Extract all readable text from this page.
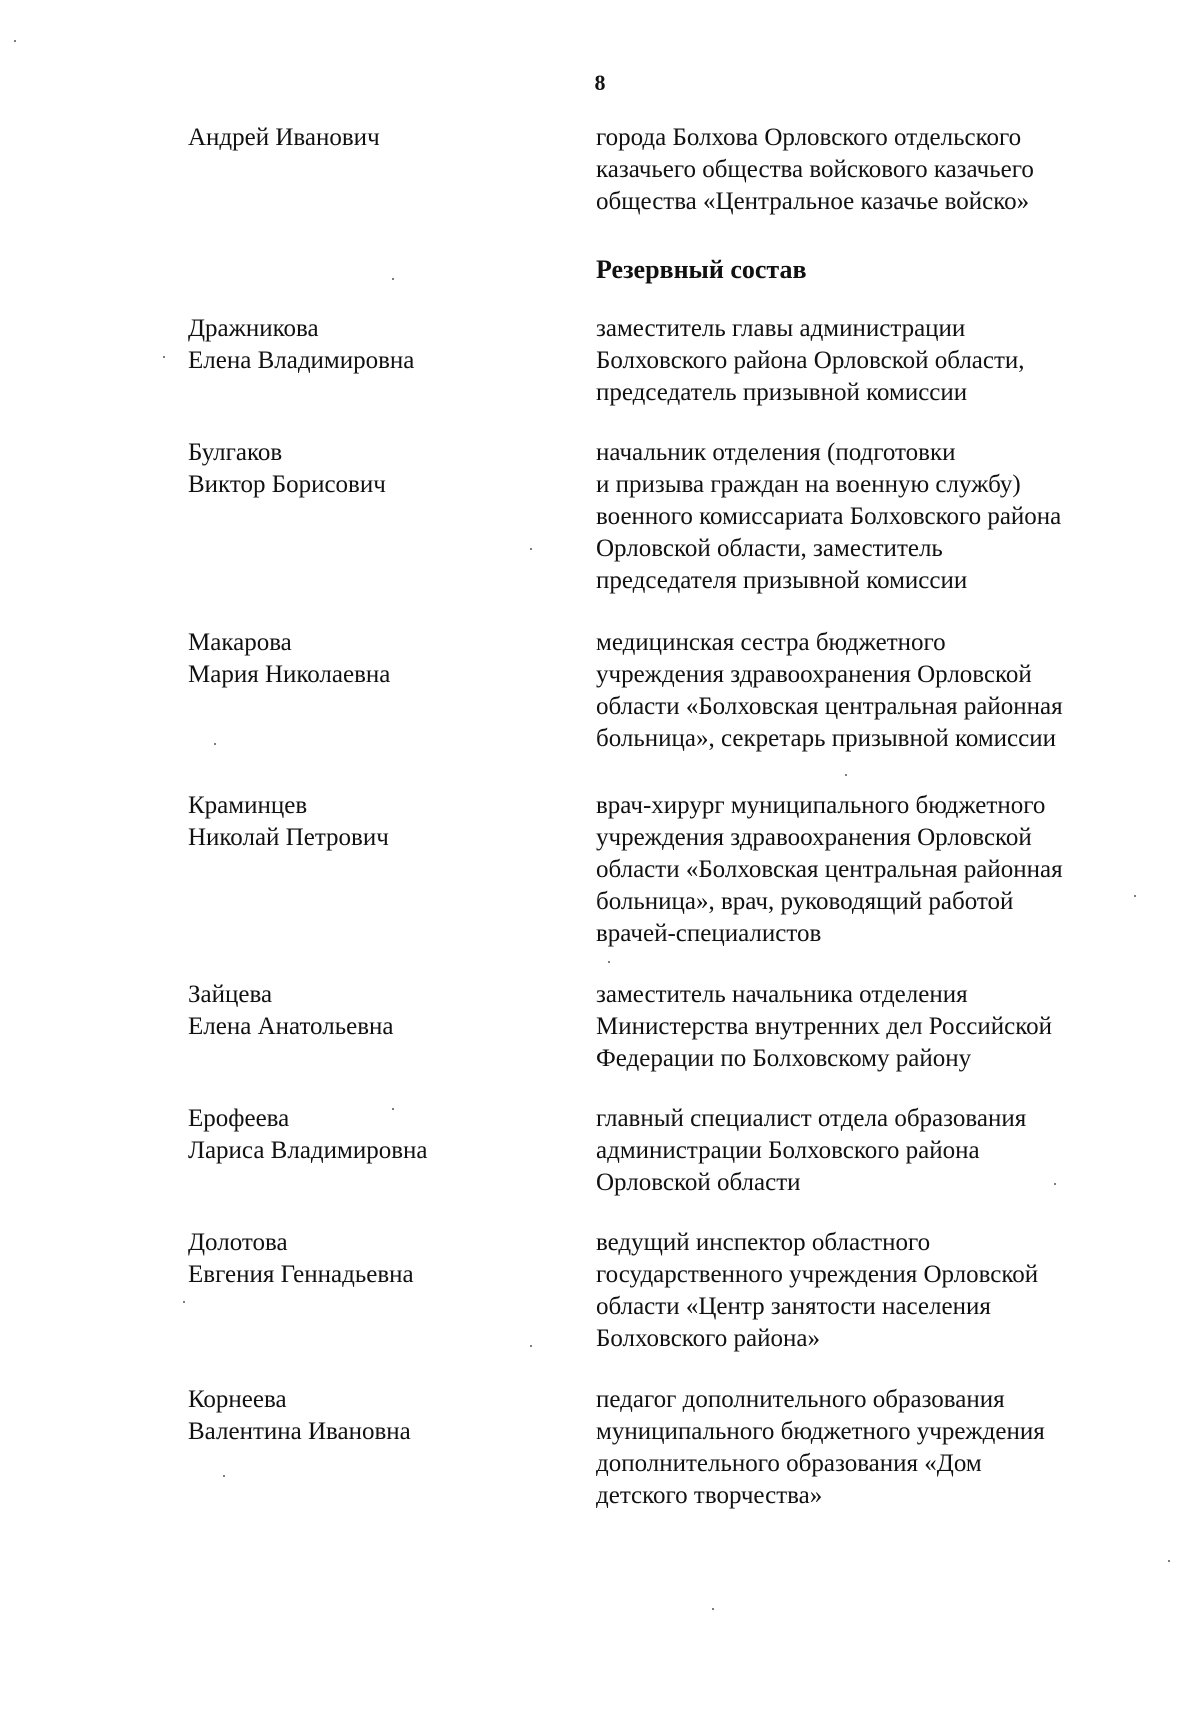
8
Андрей Иванович	города Болхова Орловского отдельского
казачьего общества войскового казачьего
общества «Центральное казачье войско»
Резервный состав
Дражникова
Елена Владимировна
заместитель главы администрации
Болховского района Орловской области,
председатель призывной комиссии
Булгаков
Виктор Борисович
начальник отделения (подготовки
и призыва граждан на военную службу)
военного комиссариата Болховского района
Орловской области, заместитель
председателя призывной комиссии
Макарова
Мария Николаевна
медицинская сестра бюджетного
учреждения здравоохранения Орловской
области «Болховская центральная районная
больница», секретарь призывной комиссии
Краминцев
Николай Петрович
врач-хирург муниципального бюджетного
учреждения здравоохранения Орловской
области «Болховская центральная районная
больница», врач, руководящий работой
врачей-специалистов
Зайцева
Елена Анатольевна
заместитель начальника отделения
Министерства внутренних дел Российской
Федерации по Болховскому району
Ерофеева
Лариса Владимировна
главный специалист отдела образования
администрации Болховского района
Орловской области
Долотова
Евгения Геннадьевна
ведущий инспектор областного
государственного учреждения Орловской
области «Центр занятости населения
Болховского района»
Корнеева
Валентина Ивановна
педагог дополнительного образования
муниципального бюджетного учреждения
дополнительного образования «Дом
детского творчества»
